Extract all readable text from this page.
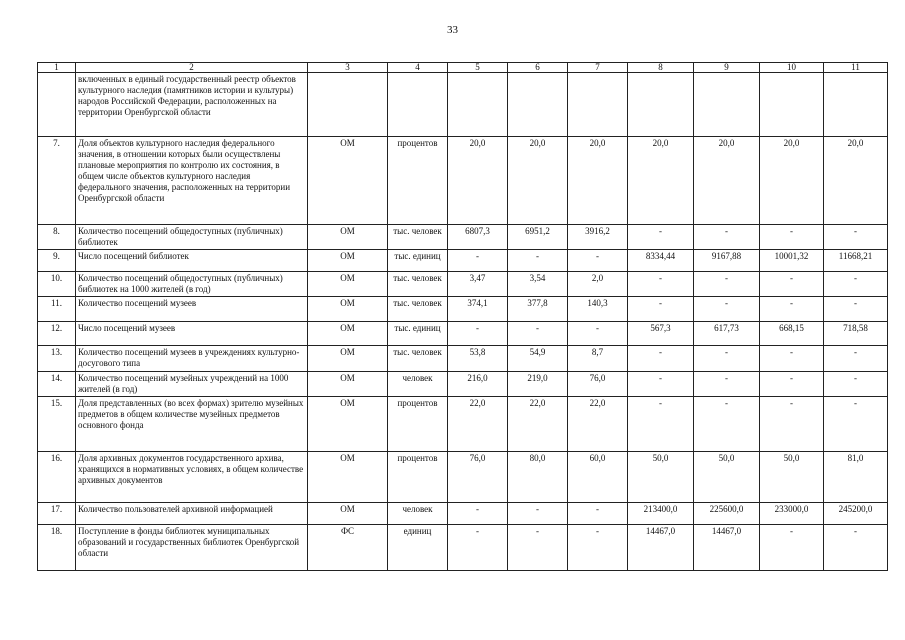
33
1	2	3	4	5	6	7	8	9	10	11
	включенных в единый государственный реестр объектов культурного наследия (памятников истории и культуры) народов Российской Федерации, расположенных на территории Оренбургской области									
7.	Доля объектов культурного наследия федерального значения, в отношении которых были осуществлены плановые мероприятия по контролю их состояния, в общем числе объектов культурного наследия федерального значения, расположенных на территории Оренбургской области	ОМ	процентов	20,0	20,0	20,0	20,0	20,0	20,0	20,0
8.	Количество посещений общедоступных (публичных) библиотек	ОМ	тыс. человек	6807,3	6951,2	3916,2	-	-	-	-
9.	Число посещений библиотек	ОМ	тыс. единиц	-	-	-	8334,44	9167,88	10001,32	11668,21
10.	Количество посещений общедоступных (публичных) библиотек на 1000 жителей (в год)	ОМ	тыс. человек	3,47	3,54	2,0	-	-	-	-
11.	Количество посещений музеев	ОМ	тыс. человек	374,1	377,8	140,3	-	-	-	-
12.	Число посещений музеев	ОМ	тыс. единиц	-	-	-	567,3	617,73	668,15	718,58
13.	Количество посещений музеев в учреждениях культурно-досугового типа	ОМ	тыс. человек	53,8	54,9	8,7	-	-	-	-
14.	Количество посещений музейных учреждений на 1000 жителей (в год)	ОМ	человек	216,0	219,0	76,0	-	-	-	-
15.	Доля представленных (во всех формах) зрителю музейных предметов в общем количестве музейных предметов основного фонда	ОМ	процентов	22,0	22,0	22,0	-	-	-	-
16.	Доля архивных документов государственного архива, хранящихся в нормативных условиях, в общем количестве архивных документов	ОМ	процентов	76,0	80,0	60,0	50,0	50,0	50,0	81,0
17.	Количество пользователей архивной информацией	ОМ	человек	-	-	-	213400,0	225600,0	233000,0	245200,0
18.	Поступление в фонды библиотек муниципальных образований и государственных библиотек Оренбургской области	ФС	единиц	-	-	-	14467,0	14467,0	-	-
